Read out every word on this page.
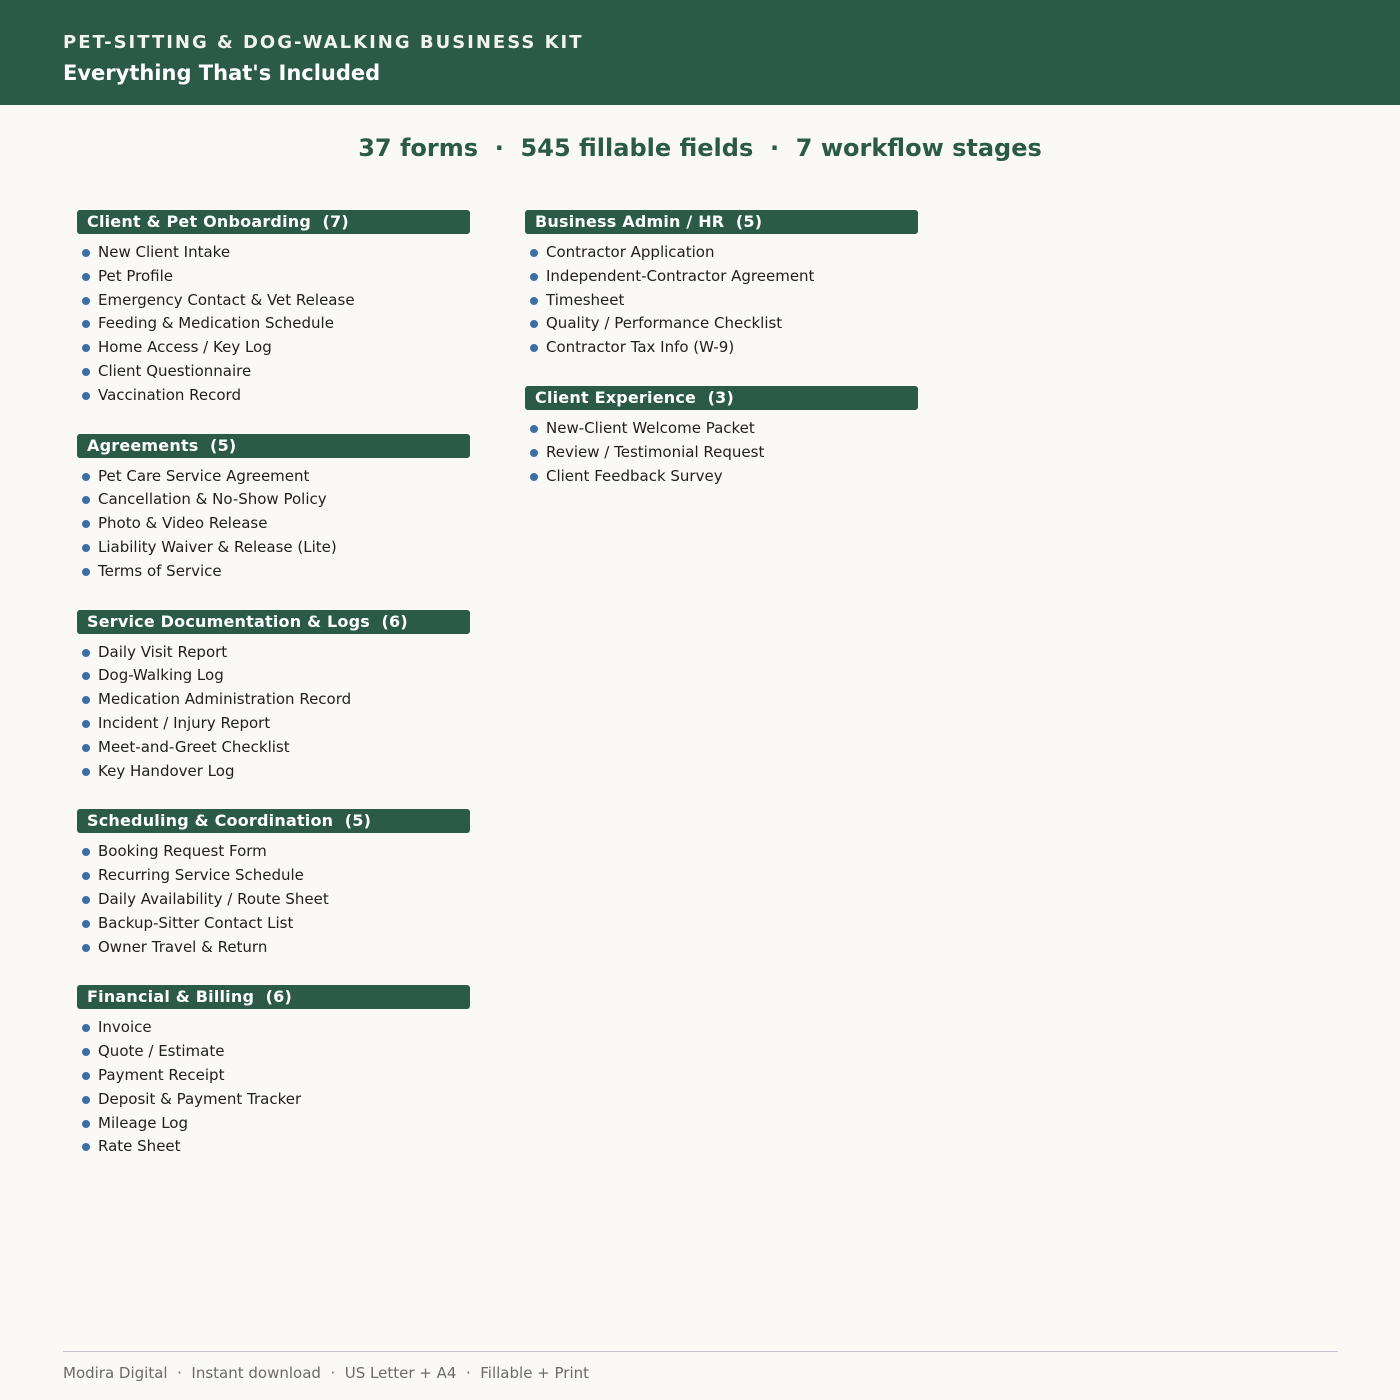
PET-SITTING & DOG-WALKING BUSINESS KIT
Everything That's Included
37 forms  ·  545 fillable fields  ·  7 workflow stages
Client & Pet Onboarding  (7)
New Client Intake
Pet Profile
Emergency Contact & Vet Release
Feeding & Medication Schedule
Home Access / Key Log
Client Questionnaire
Vaccination Record
Agreements  (5)
Pet Care Service Agreement
Cancellation & No-Show Policy
Photo & Video Release
Liability Waiver & Release (Lite)
Terms of Service
Service Documentation & Logs  (6)
Daily Visit Report
Dog-Walking Log
Medication Administration Record
Incident / Injury Report
Meet-and-Greet Checklist
Key Handover Log
Scheduling & Coordination  (5)
Booking Request Form
Recurring Service Schedule
Daily Availability / Route Sheet
Backup-Sitter Contact List
Owner Travel & Return
Financial & Billing  (6)
Invoice
Quote / Estimate
Payment Receipt
Deposit & Payment Tracker
Mileage Log
Rate Sheet
Business Admin / HR  (5)
Contractor Application
Independent-Contractor Agreement
Timesheet
Quality / Performance Checklist
Contractor Tax Info (W-9)
Client Experience  (3)
New-Client Welcome Packet
Review / Testimonial Request
Client Feedback Survey
Modira Digital  ·  Instant download  ·  US Letter + A4  ·  Fillable + Print
